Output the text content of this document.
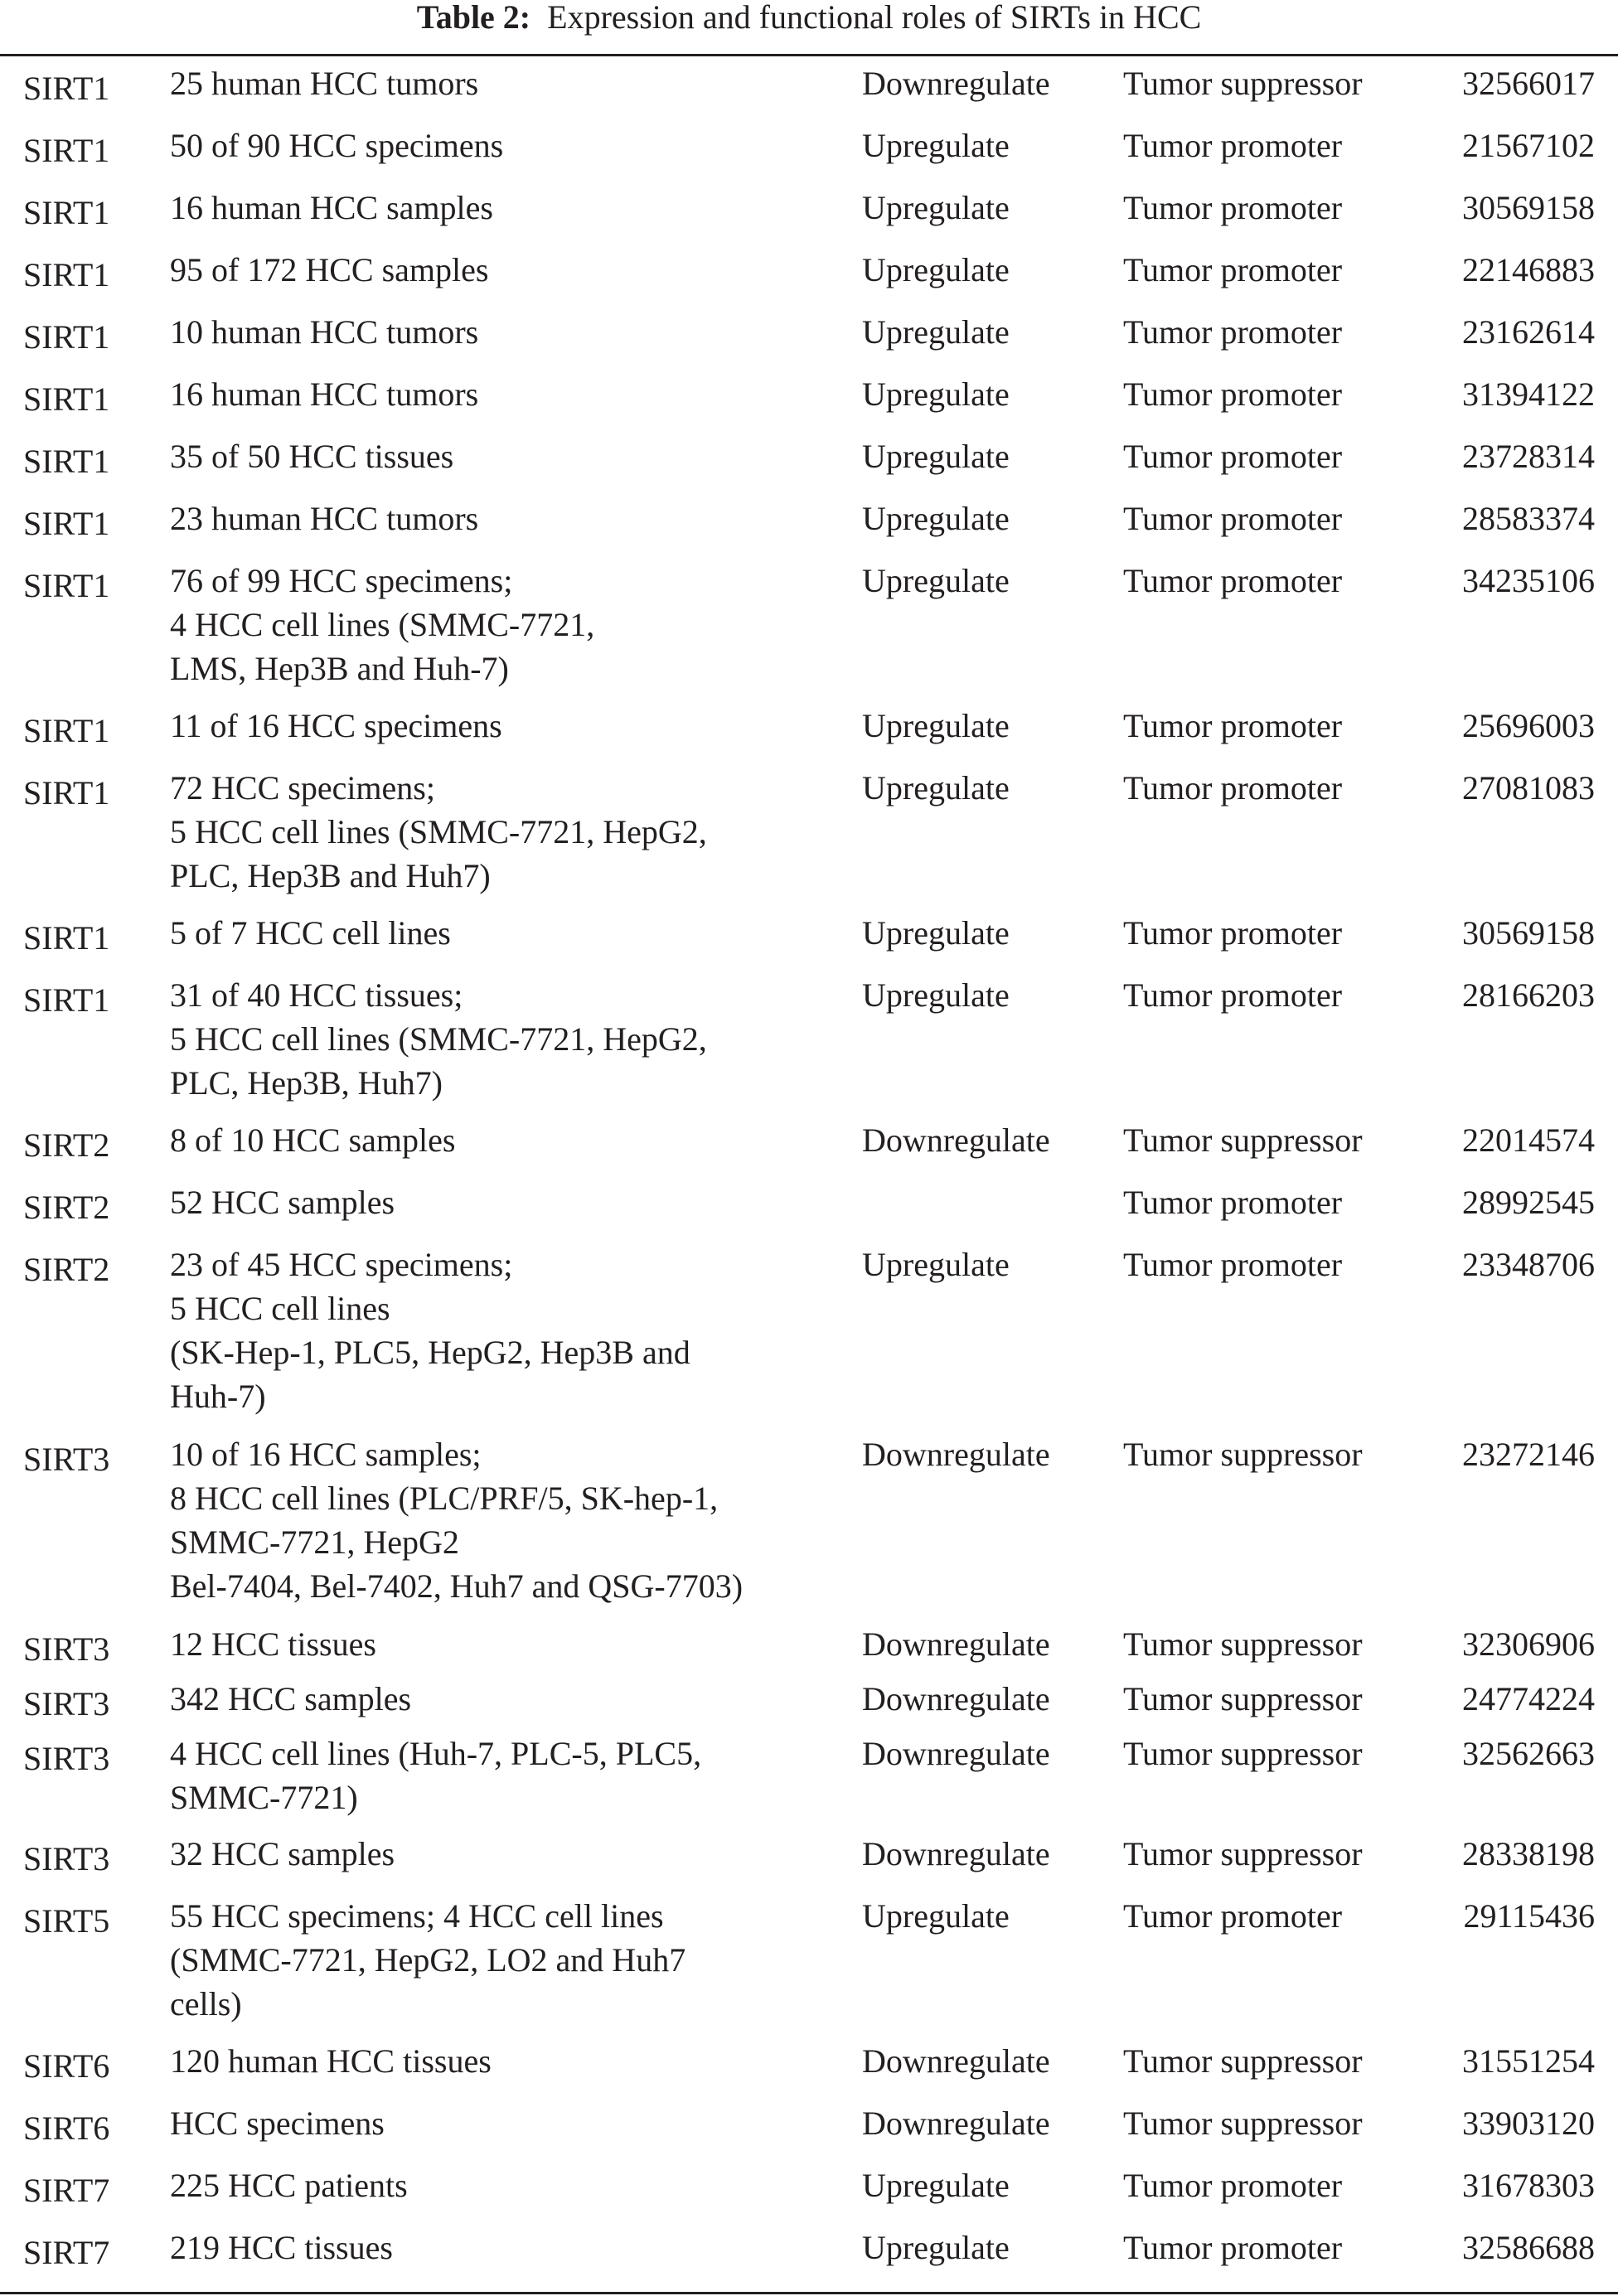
Table 2: Expression and functional roles of SIRTs in HCC
SIRT1	25 human HCC tumors	Downregulate	Tumor suppressor	32566017
SIRT1	50 of 90 HCC specimens	Upregulate	Tumor promoter	21567102
SIRT1	16 human HCC samples	Upregulate	Tumor promoter	30569158
SIRT1	95 of 172 HCC samples	Upregulate	Tumor promoter	22146883
SIRT1	10 human HCC tumors	Upregulate	Tumor promoter	23162614
SIRT1	16 human HCC tumors	Upregulate	Tumor promoter	31394122
SIRT1	35 of 50 HCC tissues	Upregulate	Tumor promoter	23728314
SIRT1	23 human HCC tumors	Upregulate	Tumor promoter	28583374
SIRT1	76 of 99 HCC specimens;
4 HCC cell lines (SMMC-7721,
LMS, Hep3B and Huh-7)	Upregulate	Tumor promoter	34235106
SIRT1	11 of 16 HCC specimens	Upregulate	Tumor promoter	25696003
SIRT1	72 HCC specimens;
5 HCC cell lines (SMMC-7721, HepG2,
PLC, Hep3B and Huh7)	Upregulate	Tumor promoter	27081083
SIRT1	5 of 7 HCC cell lines	Upregulate	Tumor promoter	30569158
SIRT1	31 of 40 HCC tissues;
5 HCC cell lines (SMMC-7721, HepG2,
PLC, Hep3B, Huh7)	Upregulate	Tumor promoter	28166203
SIRT2	8 of 10 HCC samples	Downregulate	Tumor suppressor	22014574
SIRT2	52 HCC samples		Tumor promoter	28992545
SIRT2	23 of 45 HCC specimens;
5 HCC cell lines
(SK-Hep-1, PLC5, HepG2, Hep3B and
Huh-7)	Upregulate	Tumor promoter	23348706
SIRT3	10 of 16 HCC samples;
8 HCC cell lines (PLC/PRF/5, SK-hep-1,
SMMC-7721, HepG2
Bel-7404, Bel-7402, Huh7 and QSG-7703)	Downregulate	Tumor suppressor	23272146
SIRT3	12 HCC tissues	Downregulate	Tumor suppressor	32306906
SIRT3	342 HCC samples	Downregulate	Tumor suppressor	24774224
SIRT3	4 HCC cell lines (Huh-7, PLC-5, PLC5,
SMMC-7721)	Downregulate	Tumor suppressor	32562663
SIRT3	32 HCC samples	Downregulate	Tumor suppressor	28338198
SIRT5	55 HCC specimens; 4 HCC cell lines
(SMMC-7721, HepG2, LO2 and Huh7
cells)	Upregulate	Tumor promoter	29115436
SIRT6	120 human HCC tissues	Downregulate	Tumor suppressor	31551254
SIRT6	HCC specimens	Downregulate	Tumor suppressor	33903120
SIRT7	225 HCC patients	Upregulate	Tumor promoter	31678303
SIRT7	219 HCC tissues	Upregulate	Tumor promoter	32586688
